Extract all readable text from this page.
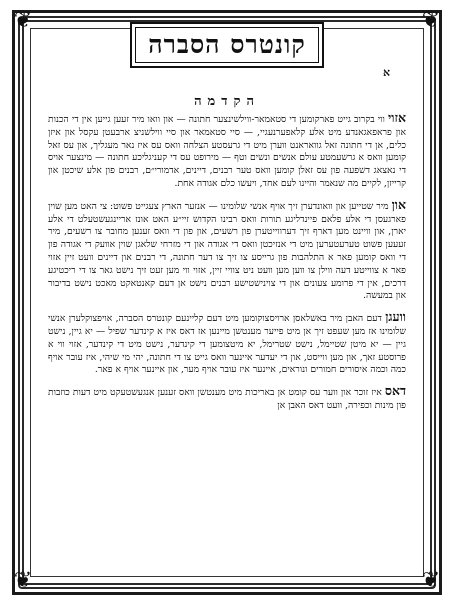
❦	❦
❦	❦
קונטרס הסברה
א
הקדמה

אזוי ווי בקרוב גייט פארקומען די סטאמאר-ווילשינצער חתונה — און וואו מיר זעען גייען אין די הכנות און פראפאגאנדע מיט אלע קלאפערנעגיי, — סיי סטאמאר און סיי ווילשניצ ארבעטן עקסל און איזן כלים, אן די חתונה זאל גוואראנט ווערן מיט די גרעסטע הצלחה וואס עס איז נאר מעגליך, און עס זאל קומען וואס א גרשעמטע עולם אנשים ונשים וטף — מירופט עס די קעניגליכע חתונה — מינצער אויס די נאצאג דשפעה פון עס זאלן קומען וואס טער רבנים, דיינים, אדמורי״ם, רבנים פון אלע שיכטן און קרייזן, לקיים מה שנאמר והיינו לעם אחד, ויעשו כלם אגודה אחת.

און מיר שטייען און וואונדערן זיך אויף אנשי שלומינו — אנזער הארץ צעגייט פשוט: צי האט מען שוין פארגעסן די אלע פלאם פיינדליגע תורות וואס רבינו הקדוש זיי״ע האט אונז אריינגעשטעלט די אלע יארן, און וויינט מען דארף זיך דערווייטערן פון רשעים, און פון די וואס זענען מחובר צו רשעים, מיר זעעען פשוט טערעטערען מיט די אנזיכטן וואס די אגודה און די מזרחי שלאגן שוין אוועק די אגודה פון די וואס קומען פאר א התלהבות פון גרייסע צו זיך צו דער חתונה, די רבנים און דיינים וועט זיין אזוי פאר א צווייטע דעה ווילן צו ווען מען וועט ניט צוויי זיין, אזוי ווי מען זעט זיך נישט גאר צו די ריכטיגע דרכים, אין די פרומע צעונים און די צוינישטישע רבנים נישט אן דעם קאנטאקט מאכט נישט בדיבור און במעשה.

וועגן דעם האבן מיר באשלאסן ארויסצוקומען מיט דעם קליינעם קונטרס הסברה, אויפצוקלערן אנשי שלומינו אז מען שעפט זיך אן מיט פייער מענטשן מיינען אז דאס איז א קינדער שפיל — יא גיין, נישט גיין — יא מיטן שטיימל, נישט שטרימל, יא מיטצומען די קינדער, נישט מיט די קינדער, אזוי ווי א פרוסטע זאך, און מען ווייסט, און די יעדער איינער וואס גייט צו די חתונה, יהי מי שיהי, איז עובר אויף כמה וכמה איסורים חמורים ונוראים, איינער איז עובר אויף מער, און איינער אויף א פאר.

דאס איז זוכר און ווער עס קומט אן באריכות מיט מענטשן וואס זענען אנגעשטעקט מיט דעות כוזבות פון מינות וכפירה, וועט דאס האבן אן
